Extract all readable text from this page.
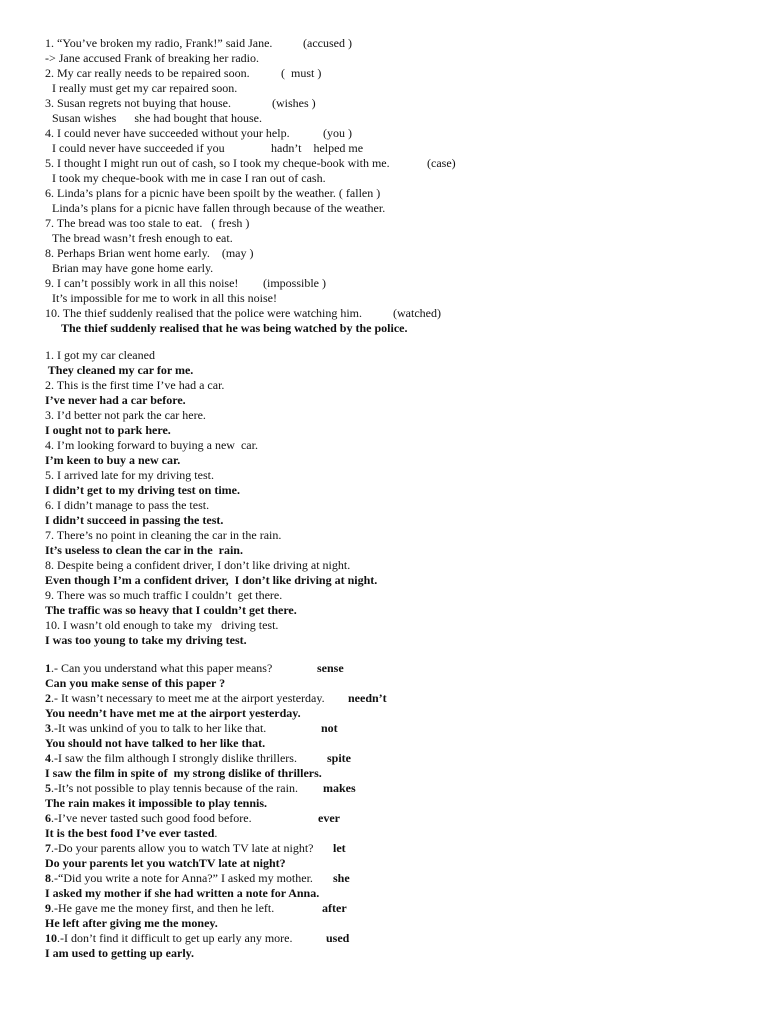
1. “You’ve broken my radio, Frank!” said Jane.	(accused )
-> Jane accused Frank of breaking her radio.
2. My car really needs to be repaired soon.	(  must )
I really must get my car repaired soon.
3. Susan regrets not buying that house.	(wishes )
Susan wishes      she had bought that house.
4. I could never have succeeded without your help.	(you )
I could never have succeeded if you	hadn’t    helped me
5. I thought I might run out of cash, so I took my cheque-book with me.	(case)
I took my cheque-book with me in case I ran out of cash.
6. Linda’s plans for a picnic have been spoilt by the weather. ( fallen )
Linda’s plans for a picnic have fallen through because of the weather.
7. The bread was too stale to eat.   ( fresh )
The bread wasn’t fresh enough to eat.
8. Perhaps Brian went home early.    (may )
Brian may have gone home early.
9. I can’t possibly work in all this noise! (impossible )
It’s impossible for me to work in all this noise!
10. The thief suddenly realised that the police were watching him.	(watched)
The thief suddenly realised that he was being watched by the police.
1. I got my car cleaned
They cleaned my car for me.
2. This is the first time I’ve had a car.
I’ve never had a car before.
3. I’d better not park the car here.
I ought not to park here.
4. I’m looking forward to buying a new  car.
I’m keen to buy a new car.
5. I arrived late for my driving test.
I didn’t get to my driving test on time.
6. I didn’t manage to pass the test.
I didn’t succeed in passing the test.
7. There’s no point in cleaning the car in the rain.
It’s useless to clean the car in the  rain.
8. Despite being a confident driver, I don’t like driving at night.
Even though I’m a confident driver,  I don’t like driving at night.
9. There was so much traffic I couldn’t  get there.
The traffic was so heavy that I couldn’t get there.
10. I wasn’t old enough to take my   driving test.
I was too young to take my driving test.
1.- Can you understand what this paper means?	sense
Can you make sense of this paper ?
2.- It wasn’t necessary to meet me at the airport yesterday. needn’t
You needn’t have met me at the airport yesterday.
3.-It was unkind of you to talk to her like that.	not
You should not have talked to her like that.
4.-I saw the film although I strongly dislike thrillers.	spite
I saw the film in spite of  my strong dislike of thrillers.
5.-It’s not possible to play tennis because of the rain. makes
The rain makes it impossible to play tennis.
6.-I’ve never tasted such good food before.	ever
It is the best food I’ve ever tasted.
7.-Do your parents allow you to watch TV late at night? let
Do your parents let you watchTV late at night?
8.-“Did you write a note for Anna?” I asked my mother. she
I asked my mother if she had written a note for Anna.
9.-He gave me the money first, and then he left.	after
He left after giving me the money.
10.-I don’t find it difficult to get up early any more.	used
I am used to getting up early.
